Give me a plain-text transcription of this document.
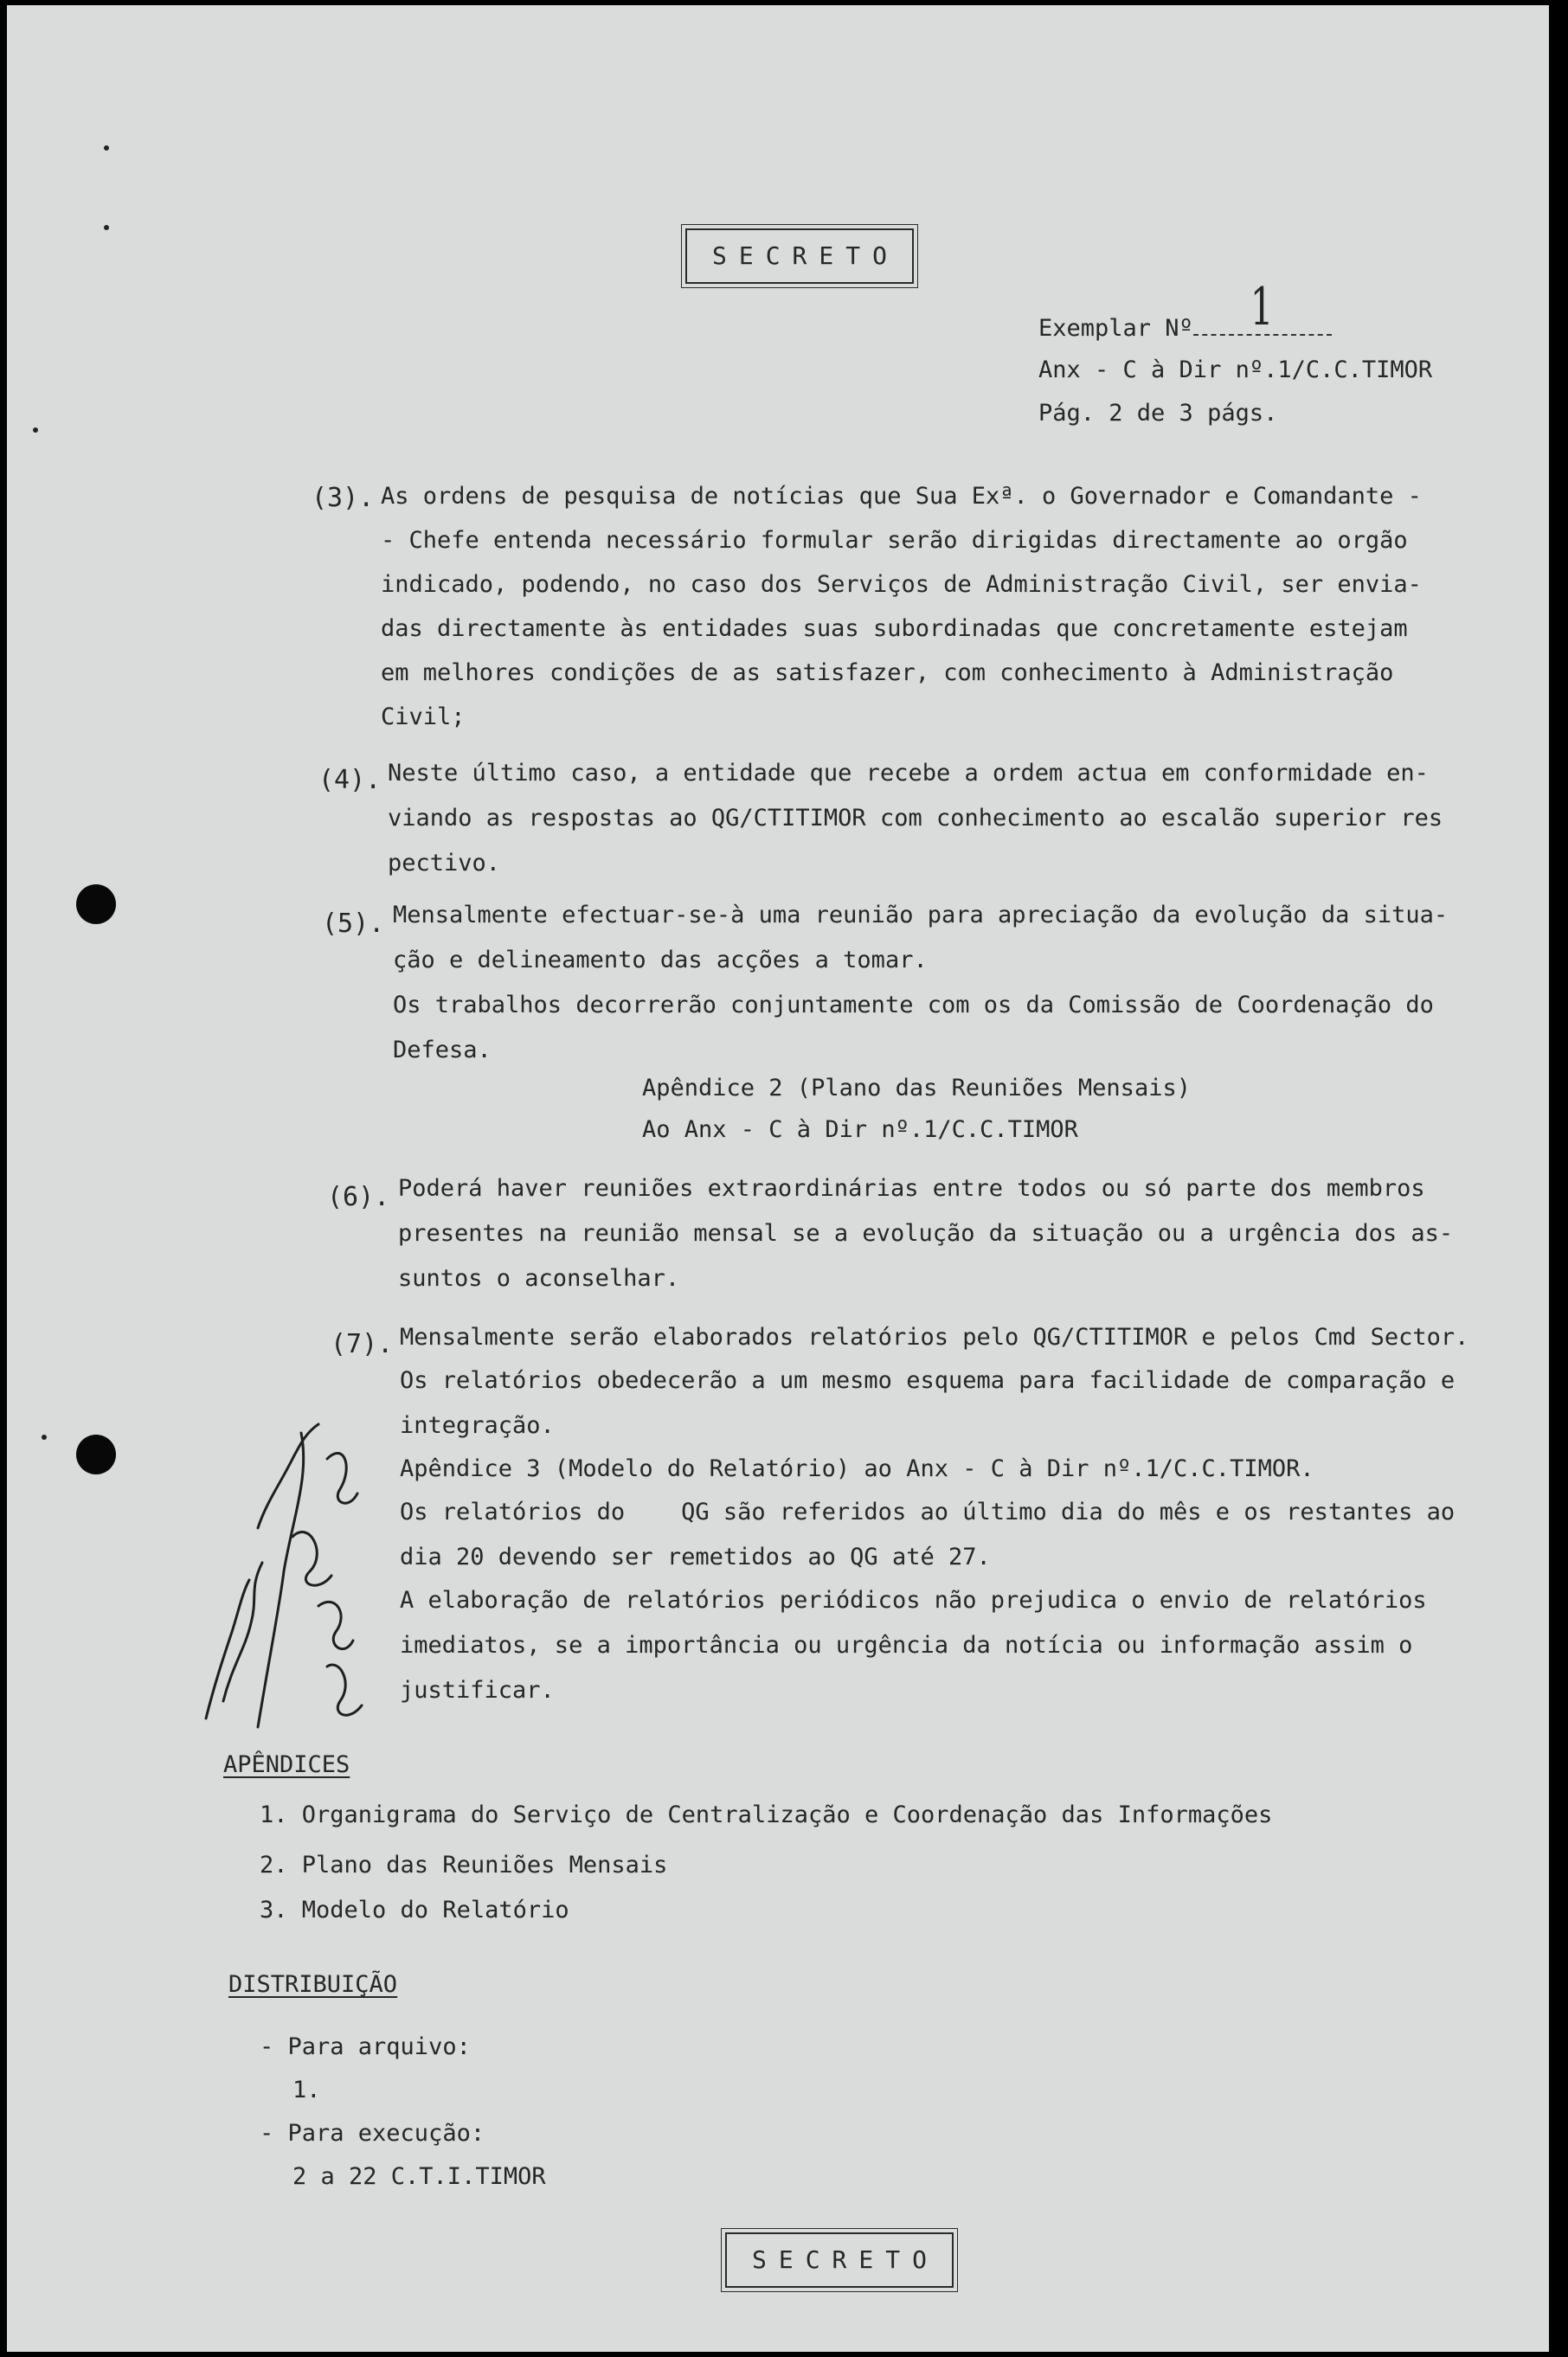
SECRETO
Exemplar Nº 1
Anx - C à Dir nº.1/C.C.TIMOR
Pág. 2 de 3 págs.
(3). As ordens de pesquisa de notícias que Sua Exª. o Governador e Comandante -
- Chefe entenda necessário formular serão dirigidas directamente ao orgão
indicado, podendo, no caso dos Serviços de Administração Civil, ser envia-
das directamente às entidades suas subordinadas que concretamente estejam
em melhores condições de as satisfazer, com conhecimento à Administração
Civil;
(4). Neste último caso, a entidade que recebe a ordem actua em conformidade en-
viando as respostas ao QG/CTITIMOR com conhecimento ao escalão superior res
pectivo.
(5). Mensalmente efectuar-se-à uma reunião para apreciação da evolução da situa-
ção e delineamento das acções a tomar.
Os trabalhos decorrerão conjuntamente com os da Comissão de Coordenação do
Defesa.
Apêndice 2 (Plano das Reuniões Mensais)
Ao Anx - C à Dir nº.1/C.C.TIMOR
(6). Poderá haver reuniões extraordinárias entre todos ou só parte dos membros
presentes na reunião mensal se a evolução da situação ou a urgência dos as-
suntos o aconselhar.
(7). Mensalmente serão elaborados relatórios pelo QG/CTITIMOR e pelos Cmd Sector.
Os relatórios obedecerão a um mesmo esquema para facilidade de comparação e
integração.
Apêndice 3 (Modelo do Relatório) ao Anx - C à Dir nº.1/C.C.TIMOR.
Os relatórios do    QG são referidos ao último dia do mês e os restantes ao
dia 20 devendo ser remetidos ao QG até 27.
A elaboração de relatórios periódicos não prejudica o envio de relatórios
imediatos, se a importância ou urgência da notícia ou informação assim o
justificar.
APÊNDICES
1. Organigrama do Serviço de Centralização e Coordenação das Informações
2. Plano das Reuniões Mensais
3. Modelo do Relatório
DISTRIBUIÇÃO
- Para arquivo:
1.
- Para execução:
2 a 22 C.T.I.TIMOR
SECRETO
